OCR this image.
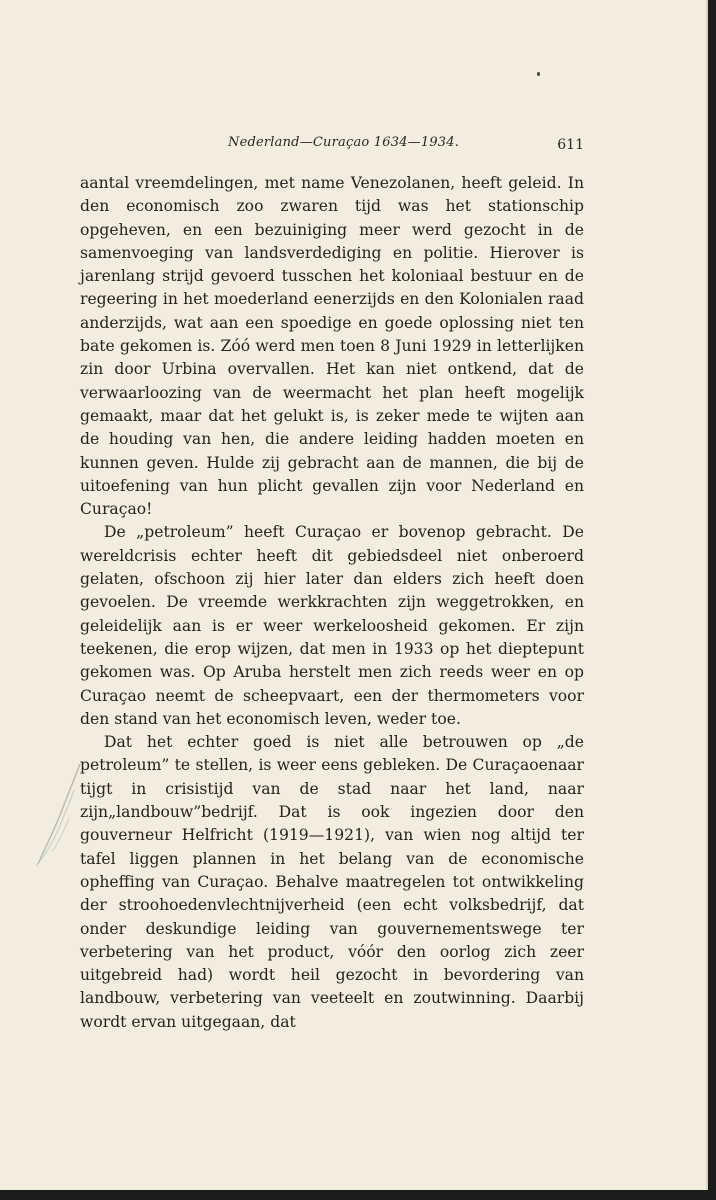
Nederland—Curaçao 1634—1934.	611

aantal vreemdelingen, met name Venezolanen, heeft geleid. In den economisch zoo zwaren tijd was het stationschip opgeheven, en een bezuiniging meer werd gezocht in de samenvoeging van landsverdediging en politie. Hierover is jarenlang strijd gevoerd tusschen het koloniaal bestuur en de regeering in het moederland eenerzijds en den Kolonialen raad anderzijds, wat aan een spoedige en goede oplossing niet ten bate gekomen is. Zóó werd men toen 8 Juni 1929 in letterlijken zin door Urbina overvallen. Het kan niet ontkend, dat de verwaarloozing van de weermacht het plan heeft mogelijk gemaakt, maar dat het gelukt is, is zeker mede te wijten aan de houding van hen, die andere leiding hadden moeten en kunnen geven. Hulde zij gebracht aan de mannen, die bij de uitoefening van hun plicht gevallen zijn voor Nederland en Curaçao!

De „petroleum” heeft Curaçao er bovenop gebracht. De wereldcrisis echter heeft dit gebiedsdeel niet onberoerd gelaten, ofschoon zij hier later dan elders zich heeft doen gevoelen. De vreemde werkkrachten zijn weggetrokken, en geleidelijk aan is er weer werkeloosheid gekomen. Er zijn teekenen, die erop wijzen, dat men in 1933 op het dieptepunt gekomen was. Op Aruba herstelt men zich reeds weer en op Curaçao neemt de scheepvaart, een der thermometers voor den stand van het economisch leven, weder toe.

Dat het echter goed is niet alle betrouwen op „de petroleum” te stellen, is weer eens gebleken. De Curaçaoenaar tijgt in crisistijd van de stad naar het land, naar zijn„landbouw”bedrijf. Dat is ook ingezien door den gouverneur Helfricht (1919—1921), van wien nog altijd ter tafel liggen plannen in het belang van de economische opheffing van Curaçao. Behalve maatregelen tot ontwikkeling der stroohoedenvlechtnijverheid (een echt volksbedrijf, dat onder deskundige leiding van gouvernementswege ter verbetering van het product, vóór den oorlog zich zeer uitgebreid had) wordt heil gezocht in bevordering van landbouw, verbetering van veeteelt en zoutwinning. Daarbij wordt ervan uitgegaan, dat
